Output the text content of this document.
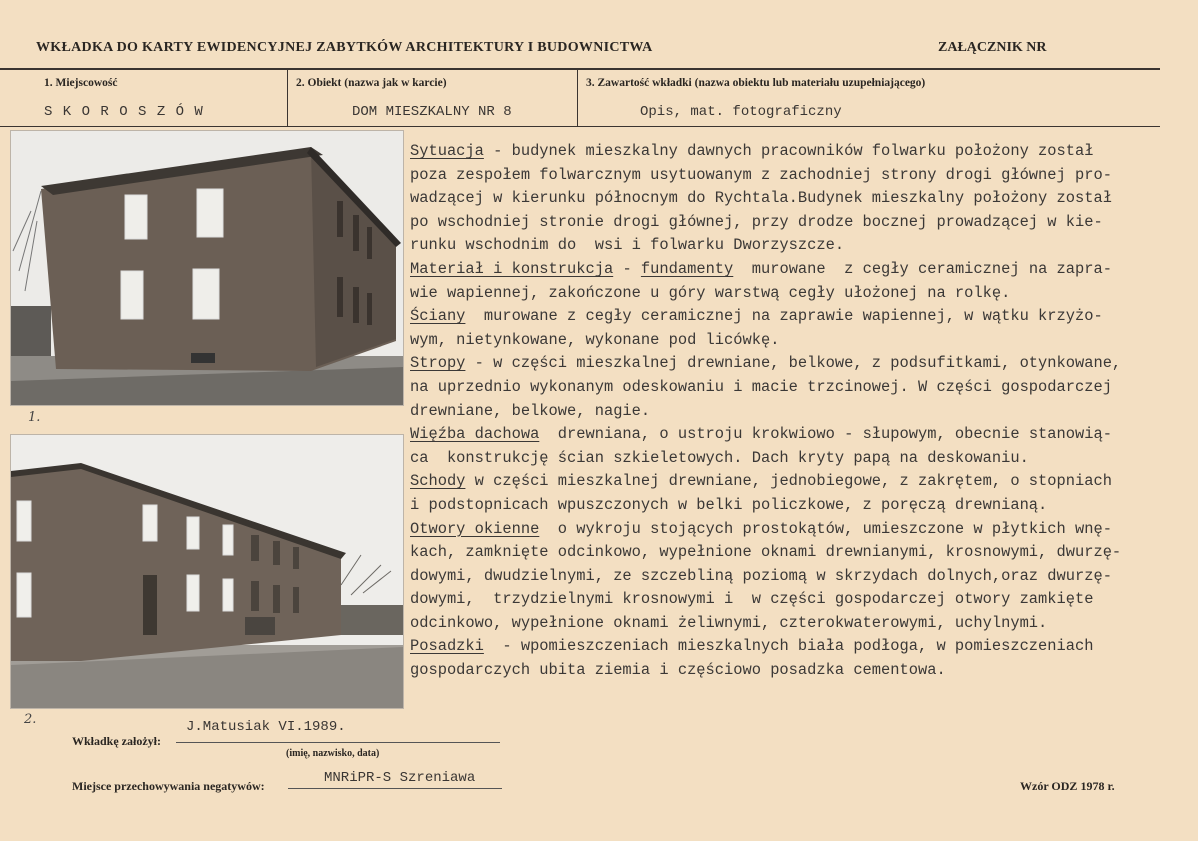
WKŁADKA DO KARTY EWIDENCYJNEJ ZABYTKÓW ARCHITEKTURY I BUDOWNICTWA	ZAŁĄCZNIK NR
1. Miejscowość
S K O R O S Z Ó W
2. Obiekt (nazwa jak w karcie)
DOM MIESZKALNY NR 8
3. Zawartość wkładki (nazwa obiektu lub materiału uzupełniającego)
Opis, mat. fotograficzny
1.
2.
Sytuacja - budynek mieszkalny dawnych pracowników folwarku położony został
poza zespołem folwarcznym usytuowanym z zachodniej strony drogi głównej pro-
wadzącej w kierunku północnym do Rychtala.Budynek mieszkalny położony został
po wschodniej stronie drogi głównej, przy drodze bocznej prowadzącej w kie-
runku wschodnim do  wsi i folwarku Dworzyszcze.
Materiał i konstrukcja - fundamenty  murowane  z cegły ceramicznej na zapra-
wie wapiennej, zakończone u góry warstwą cegły ułożonej na rolkę.
Ściany  murowane z cegły ceramicznej na zaprawie wapiennej, w wątku krzyżo-
wym, nietynkowane, wykonane pod licówkę.
Stropy - w części mieszkalnej drewniane, belkowe, z podsufitkami, otynkowane,
na uprzednio wykonanym odeskowaniu i macie trzcinowej. W części gospodarczej
drewniane, belkowe, nagie.
Więźba dachowa  drewniana, o ustroju krokwiowo - słupowym, obecnie stanowią-
ca  konstrukcję ścian szkieletowych. Dach kryty papą na deskowaniu.
Schody w części mieszkalnej drewniane, jednobiegowe, z zakrętem, o stopniach
i podstopnicach wpuszczonych w belki policzkowe, z poręczą drewnianą.
Otwory okienne  o wykroju stojących prostokątów, umieszczone w płytkich wnę-
kach, zamknięte odcinkowo, wypełnione oknami drewnianymi, krosnowymi, dwurzę-
dowymi, dwudzielnymi, ze szczebliną poziomą w skrzydach dolnych,oraz dwurzę-
dowymi,  trzydzielnymi krosnowymi i  w części gospodarczej otwory zamkięte
odcinkowo, wypełnione oknami żeliwnymi, czterokwaterowymi, uchylnymi.
Posadzki  - wpomieszczeniach mieszkalnych biała podłoga, w pomieszczeniach
gospodarczych ubita ziemia i częściowo posadzka cementowa.
J.Matusiak VI.1989.
Wkładkę założył:
(imię, nazwisko, data)
MNRiPR-S Szreniawa
Miejsce przechowywania negatywów:	Wzór ODZ 1978 r.
